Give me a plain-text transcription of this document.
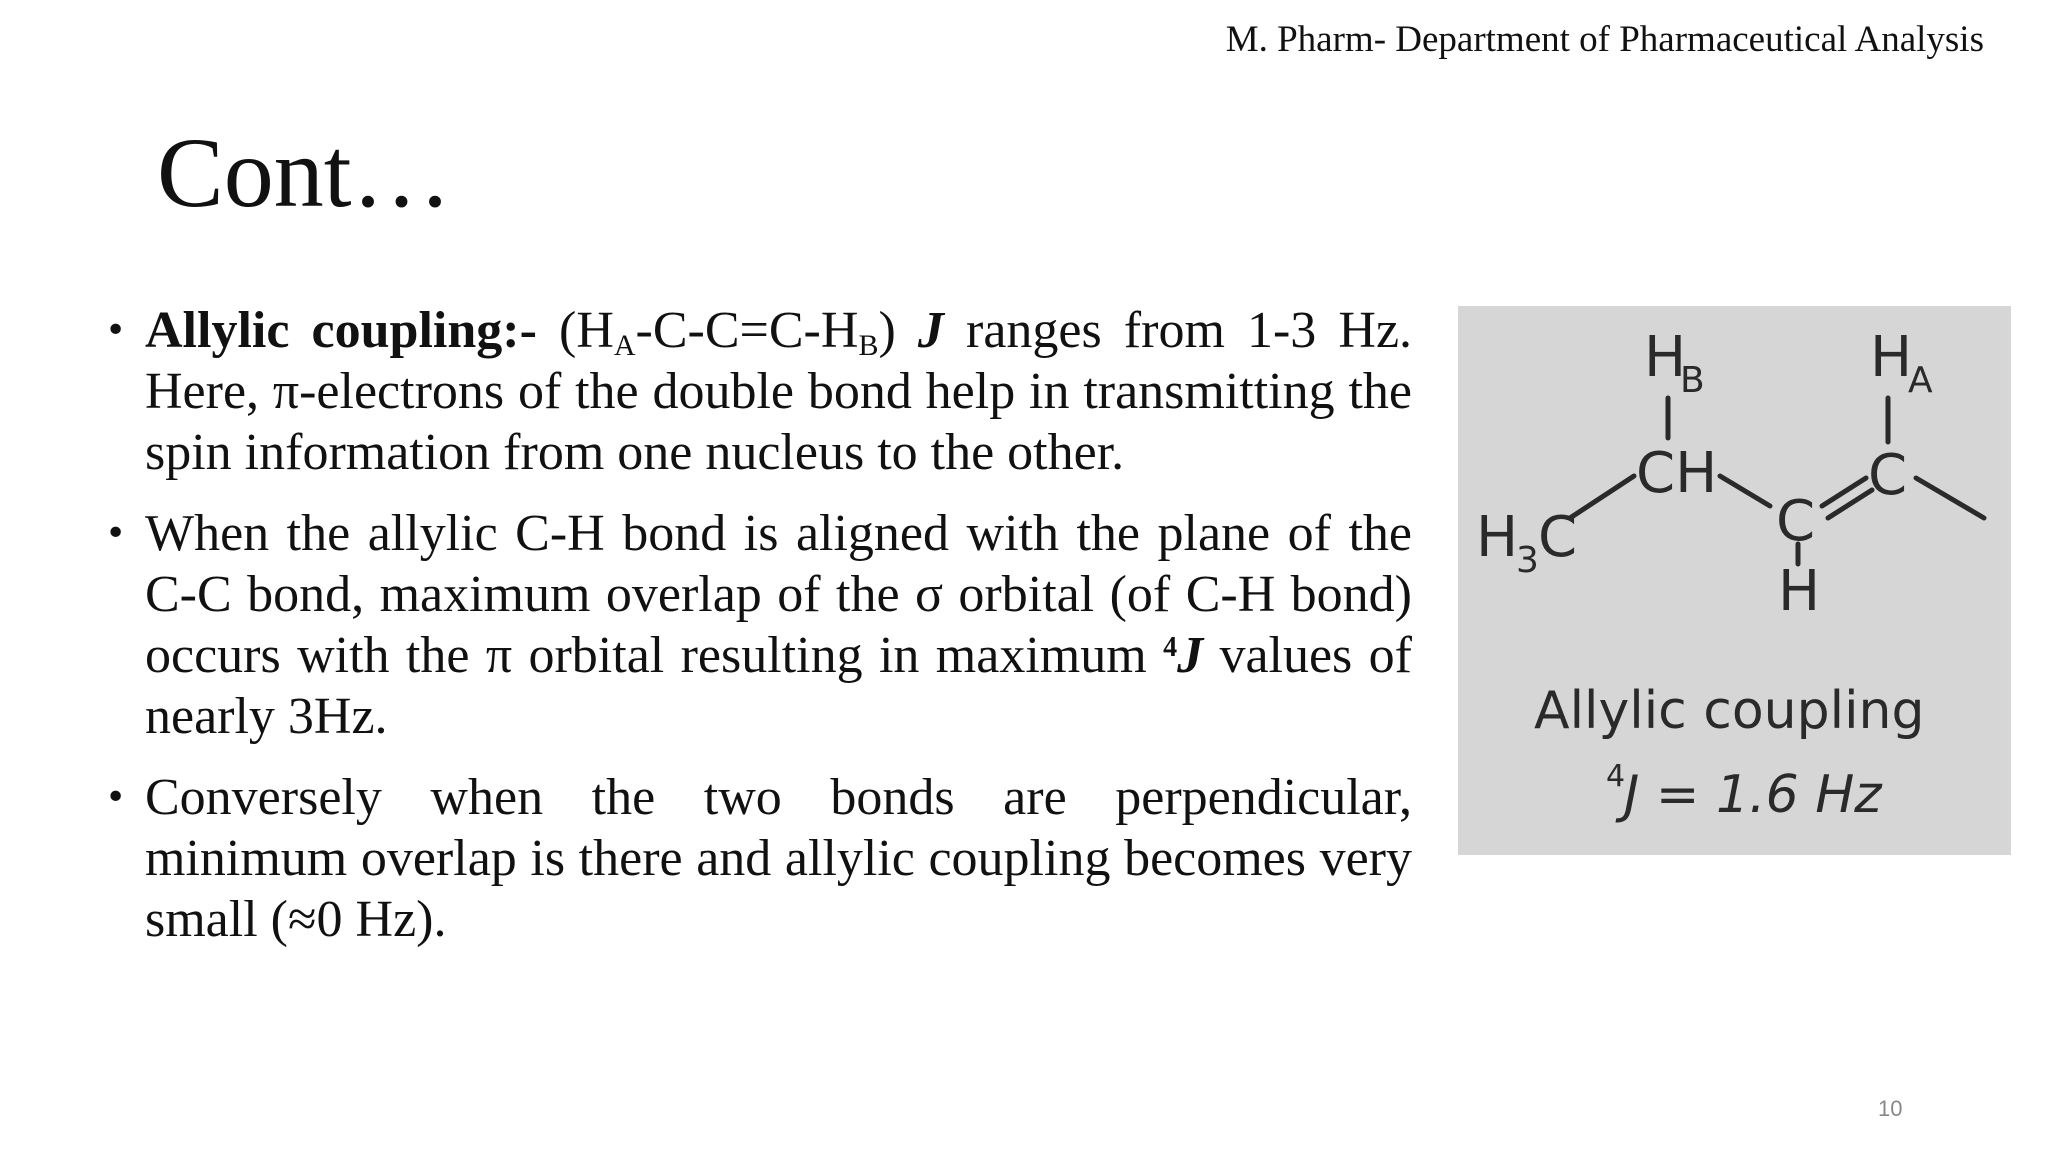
M. Pharm- Department of Pharmaceutical Analysis
Cont…
• Allylic coupling:- $(H_A-C-C=C-H_B)$ J ranges from 1-3 Hz. Here, π-electrons of the double bond help in transmitting the spin information from one nucleus to the other.
• When the allylic C-H bond is aligned with the plane of the C-C bond, maximum overlap of the σ orbital (of C-H bond) occurs with the π orbital resulting in maximum $^4$J values of nearly 3Hz.
• Conversely when the two bonds are perpendicular, minimum overlap is there and allylic coupling becomes very small (≈0 Hz).
H
B	H
A
CH	C
C
H
3 C
H
Allylic coupling
4
J = 1.6 Hz
10
